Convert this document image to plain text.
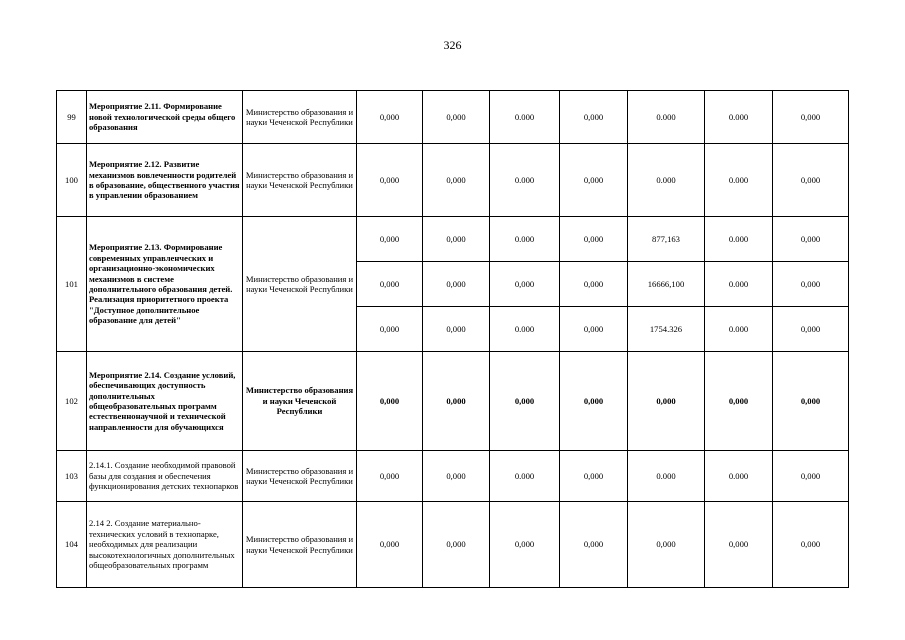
326
99	Мероприятие 2.11. Формирование новой технологической среды общего образования	Министерство образования и науки Чеченской Республики	0,000	0,000	0.000	0,000	0.000	0.000	0,000
100	Мероприятие 2.12. Развитие механизмов вовлеченности родителей в образование, общественного участия в управлении образованием	Министерство образования и науки Чеченской Республики	0,000	0,000	0.000	0,000	0.000	0.000	0,000
101	Мероприятие 2.13. Формирование современных управленческих и организационно-экономических механизмов в системе дополнительного образования детей. Реализация приоритетного проекта "Доступное дополнительное образование для детей"	Министерство образования и науки Чеченской Республики	0,000	0,000	0.000	0,000	877,163	0.000	0,000
			0,000	0,000	0,000	0,000	16666,100	0.000	0,000
			0,000	0,000	0.000	0,000	1754.326	0.000	0,000
102	Мероприятие 2.14. Создание условий, обеспечивающих доступность дополнительных общеобразовательных программ естественнонаучной и технической направленности для обучающихся	Министерство образования и науки Чеченской Республики	0,000	0,000	0,000	0,000	0,000	0,000	0,000
103	2.14.1. Создание необходимой правовой базы для создания и обеспечения функционирования детских технопарков	Министерство образования и науки Чеченской Республики	0,000	0,000	0.000	0,000	0.000	0.000	0,000
104	2.14 2. Создание материально-технических условий в технопарке, необходимых для реализации высокотехнологичных дополнительных общеобразовательных программ	Министерство образования и науки Чеченской Республики	0,000	0,000	0,000	0,000	0,000	0,000	0,000
